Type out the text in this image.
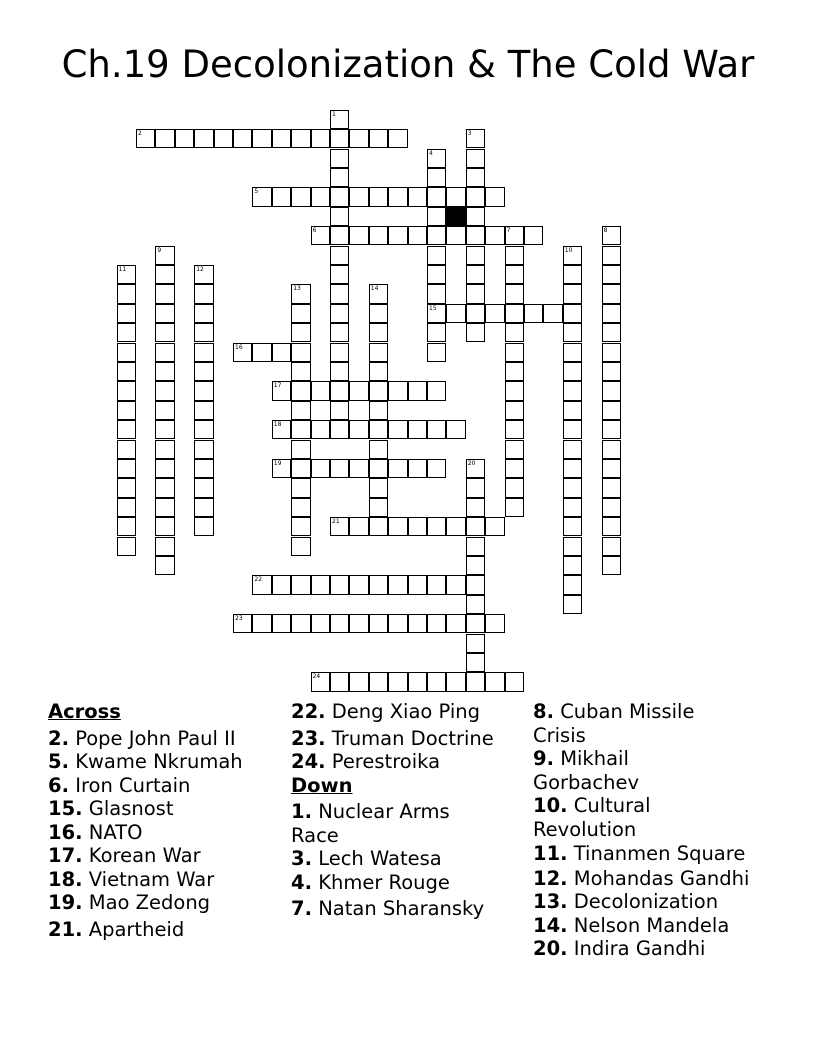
Ch.19 Decolonization & The Cold War
1
2	3
4
15
5
6	7	8
9	10
11	12
13	14
16
17
18
19	20
21
22
23
24
Across
2. Pope John Paul II
5. Kwame Nkrumah
6. Iron Curtain
15. Glasnost
16. NATO
17. Korean War
18. Vietnam War
19. Mao Zedong
21. Apartheid
22. Deng Xiao Ping
23. Truman Doctrine
24. Perestroika
Down
1. Nuclear Arms Race
3. Lech Watesa
4. Khmer Rouge
7. Natan Sharansky
8. Cuban Missile Crisis
9. Mikhail Gorbachev
10. Cultural Revolution
11. Tinanmen Square
12. Mohandas Gandhi
13. Decolonization
14. Nelson Mandela
20. Indira Gandhi
